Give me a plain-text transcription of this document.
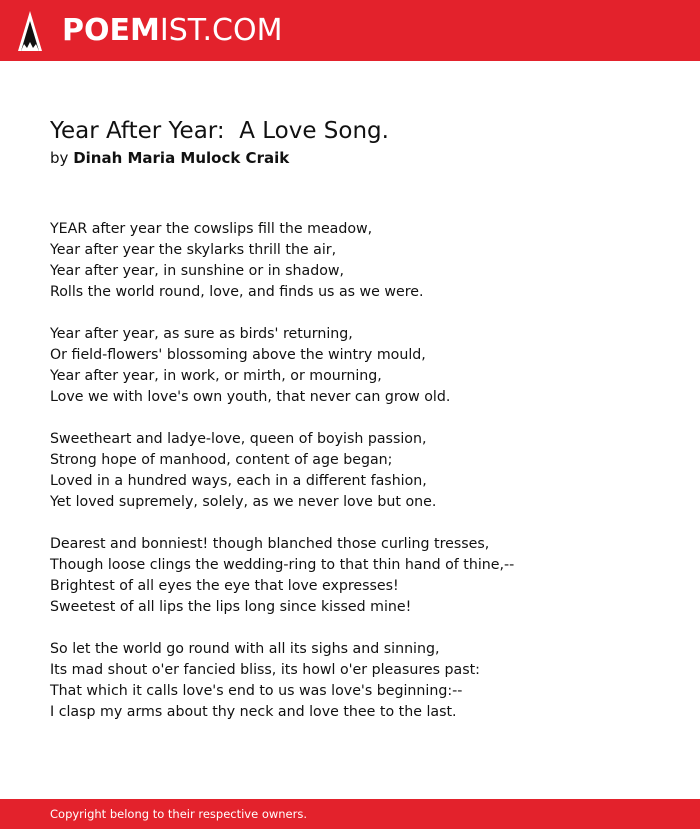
POEMIST.COM
Year After Year:  A Love Song.
by Dinah Maria Mulock Craik
YEAR after year the cowslips fill the meadow,
Year after year the skylarks thrill the air,
Year after year, in sunshine or in shadow,
Rolls the world round, love, and finds us as we were.
Year after year, as sure as birds' returning,
Or field-flowers' blossoming above the wintry mould,
Year after year, in work, or mirth, or mourning,
Love we with love's own youth, that never can grow old.
Sweetheart and ladye-love, queen of boyish passion,
Strong hope of manhood, content of age began;
Loved in a hundred ways, each in a different fashion,
Yet loved supremely, solely, as we never love but one.
Dearest and bonniest! though blanched those curling tresses,
Though loose clings the wedding-ring to that thin hand of thine,--
Brightest of all eyes the eye that love expresses!
Sweetest of all lips the lips long since kissed mine!
So let the world go round with all its sighs and sinning,
Its mad shout o'er fancied bliss, its howl o'er pleasures past:
That which it calls love's end to us was love's beginning:--
I clasp my arms about thy neck and love thee to the last.
Copyright belong to their respective owners.
